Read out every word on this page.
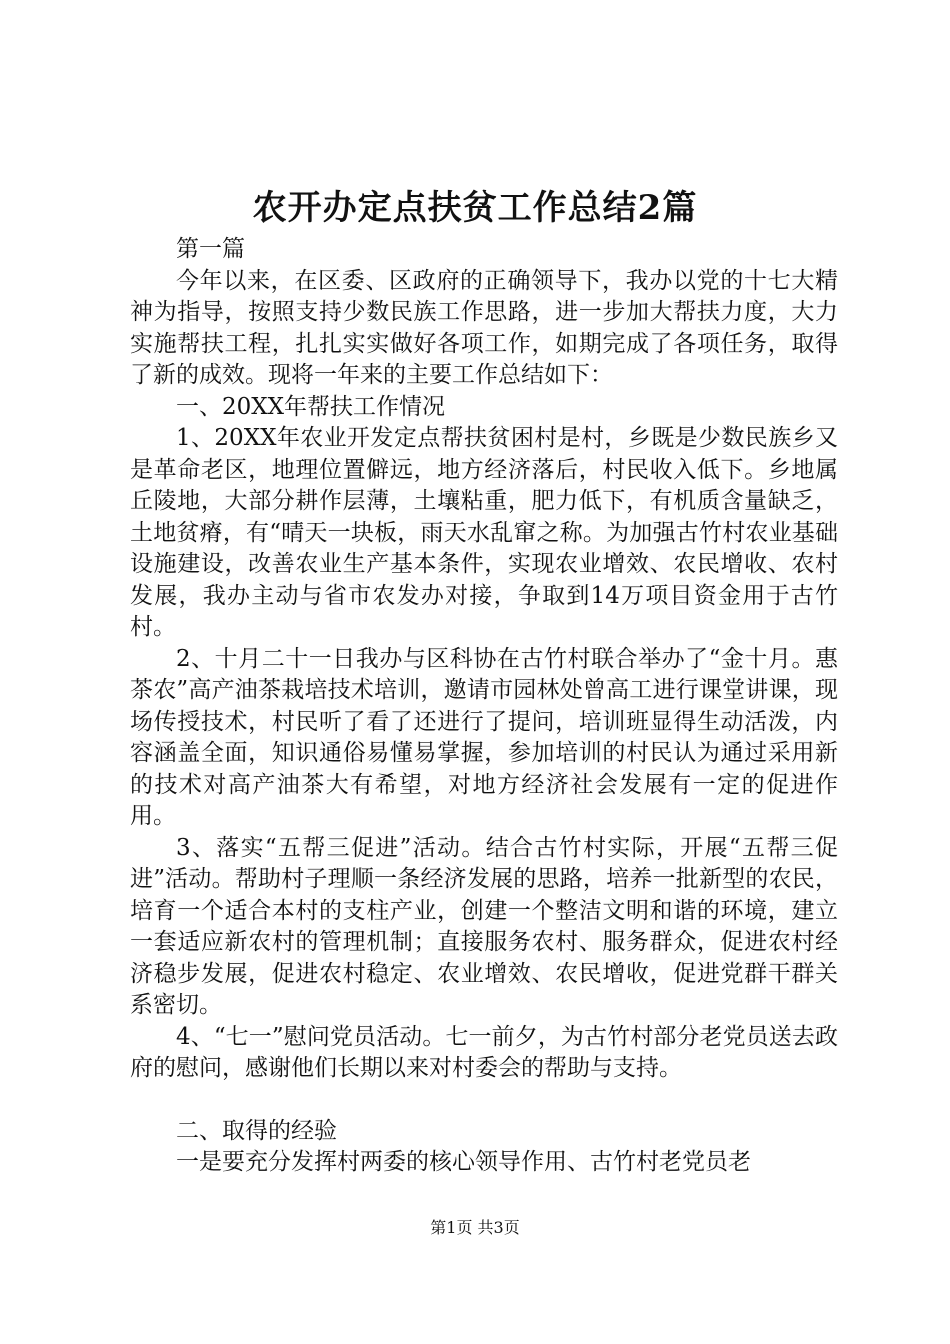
农开办定点扶贫工作总结2篇

第一篇

今年以来，在区委、区政府的正确领导下，我办以党的十七大精神为指导，按照支持少数民族工作思路，进一步加大帮扶力度，大力实施帮扶工程，扎扎实实做好各项工作，如期完成了各项任务，取得了新的成效。现将一年来的主要工作总结如下：

一、20XX年帮扶工作情况

1、20XX年农业开发定点帮扶贫困村是村，乡既是少数民族乡又是革命老区，地理位置僻远，地方经济落后，村民收入低下。乡地属丘陵地，大部分耕作层薄，土壤粘重，肥力低下，有机质含量缺乏，土地贫瘠，有“晴天一块板，雨天水乱窜之称。为加强古竹村农业基础设施建设，改善农业生产基本条件，实现农业增效、农民增收、农村发展，我办主动与省市农发办对接，争取到14万项目资金用于古竹村。

2、十月二十一日我办与区科协在古竹村联合举办了“金十月。惠茶农”高产油茶栽培技术培训，邀请市园林处曾高工进行课堂讲课，现场传授技术，村民听了看了还进行了提问，培训班显得生动活泼，内容涵盖全面，知识通俗易懂易掌握，参加培训的村民认为通过采用新的技术对高产油茶大有希望，对地方经济社会发展有一定的促进作用。

3、落实“五帮三促进”活动。结合古竹村实际，开展“五帮三促进”活动。帮助村子理顺一条经济发展的思路，培养一批新型的农民，培育一个适合本村的支柱产业，创建一个整洁文明和谐的环境，建立一套适应新农村的管理机制；直接服务农村、服务群众，促进农村经济稳步发展，促进农村稳定、农业增效、农民增收，促进党群干群关系密切。

4、“七一”慰问党员活动。七一前夕，为古竹村部分老党员送去政府的慰问，感谢他们长期以来对村委会的帮助与支持。

二、取得的经验

一是要充分发挥村两委的核心领导作用、古竹村老党员老

第1页 共3页
